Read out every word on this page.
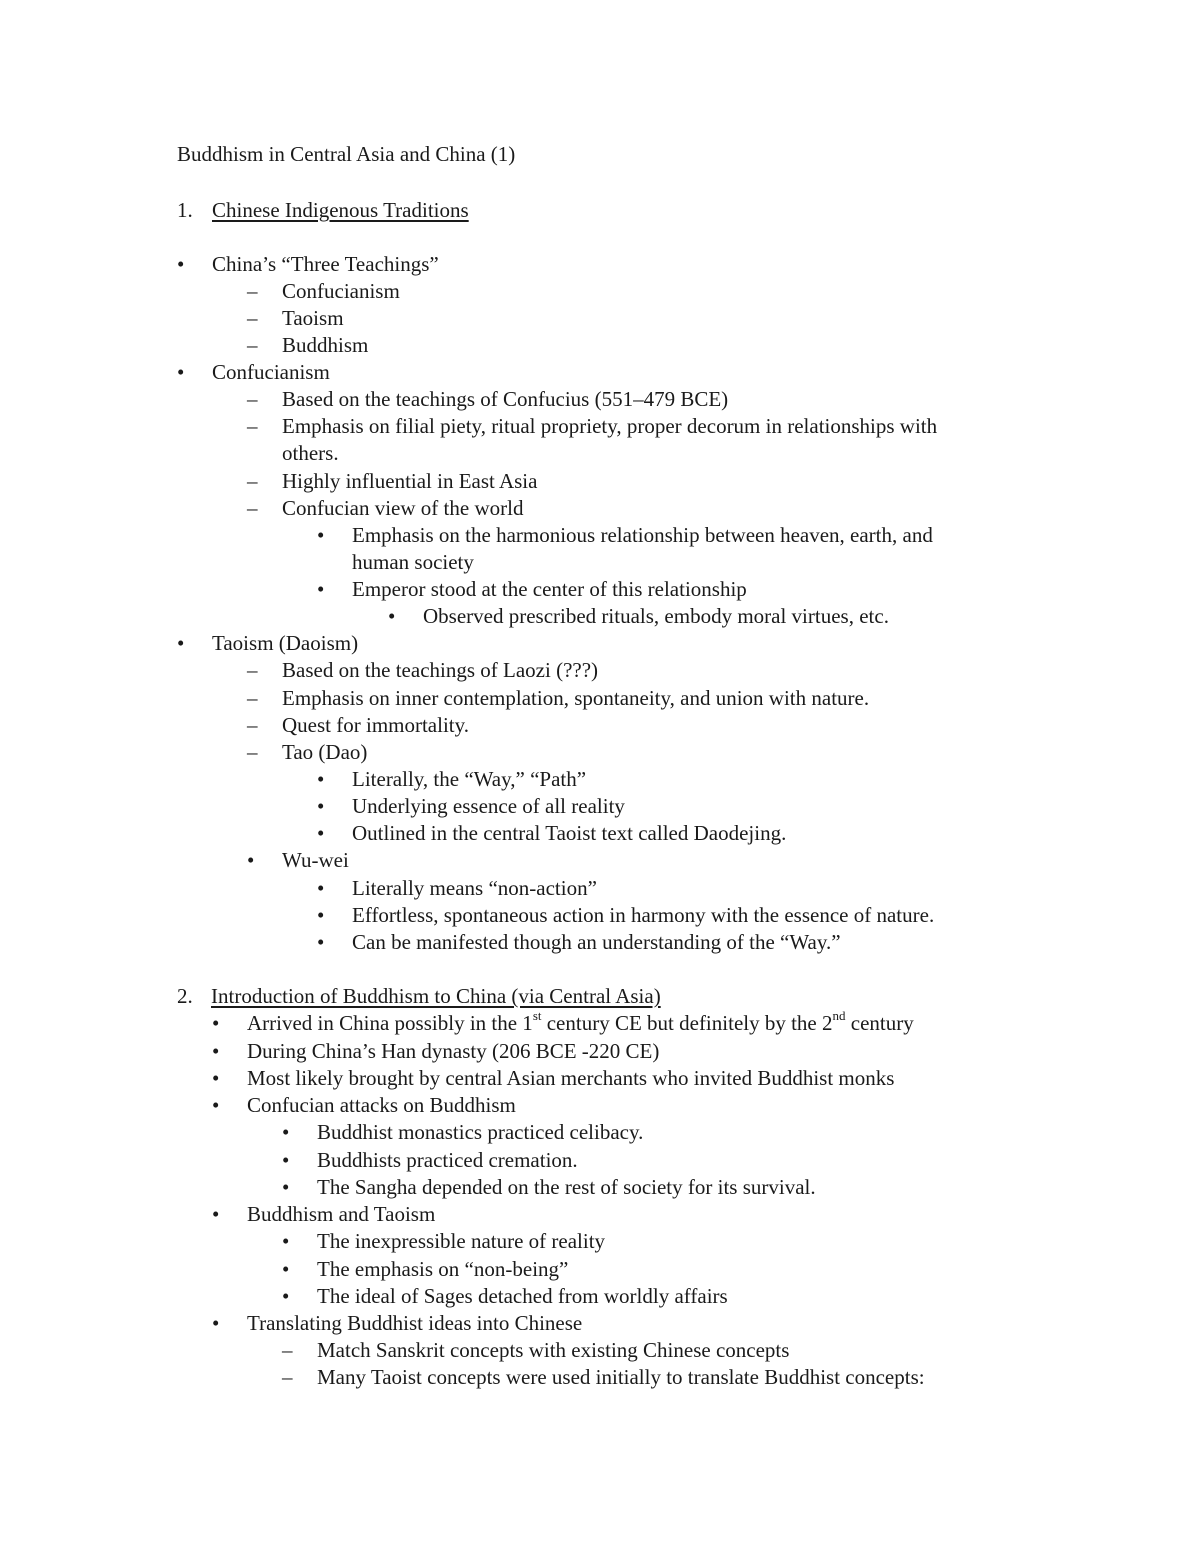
Buddhism in Central Asia and China (1)
1. Chinese Indigenous Traditions
• China’s “Three Teachings”
– Confucianism
– Taoism
– Buddhism
• Confucianism
– Based on the teachings of Confucius (551–479 BCE)
– Emphasis on filial piety, ritual propriety, proper decorum in relationships with
others.
– Highly influential in East Asia
– Confucian view of the world
• Emphasis on the harmonious relationship between heaven, earth, and
human society
• Emperor stood at the center of this relationship
• Observed prescribed rituals, embody moral virtues, etc.
• Taoism (Daoism)
– Based on the teachings of Laozi (???)
– Emphasis on inner contemplation, spontaneity, and union with nature.
– Quest for immortality.
– Tao (Dao)
• Literally, the “Way,” “Path”
• Underlying essence of all reality
• Outlined in the central Taoist text called Daodejing.
• Wu-wei
• Literally means “non-action”
• Effortless, spontaneous action in harmony with the essence of nature.
• Can be manifested though an understanding of the “Way.”
2. Introduction of Buddhism to China (via Central Asia)
• Arrived in China possibly in the 1st century CE but definitely by the 2nd century
• During China’s Han dynasty (206 BCE -220 CE)
• Most likely brought by central Asian merchants who invited Buddhist monks
• Confucian attacks on Buddhism
• Buddhist monastics practiced celibacy.
• Buddhists practiced cremation.
• The Sangha depended on the rest of society for its survival.
• Buddhism and Taoism
• The inexpressible nature of reality
• The emphasis on “non-being”
• The ideal of Sages detached from worldly affairs
• Translating Buddhist ideas into Chinese
– Match Sanskrit concepts with existing Chinese concepts
– Many Taoist concepts were used initially to translate Buddhist concepts:
